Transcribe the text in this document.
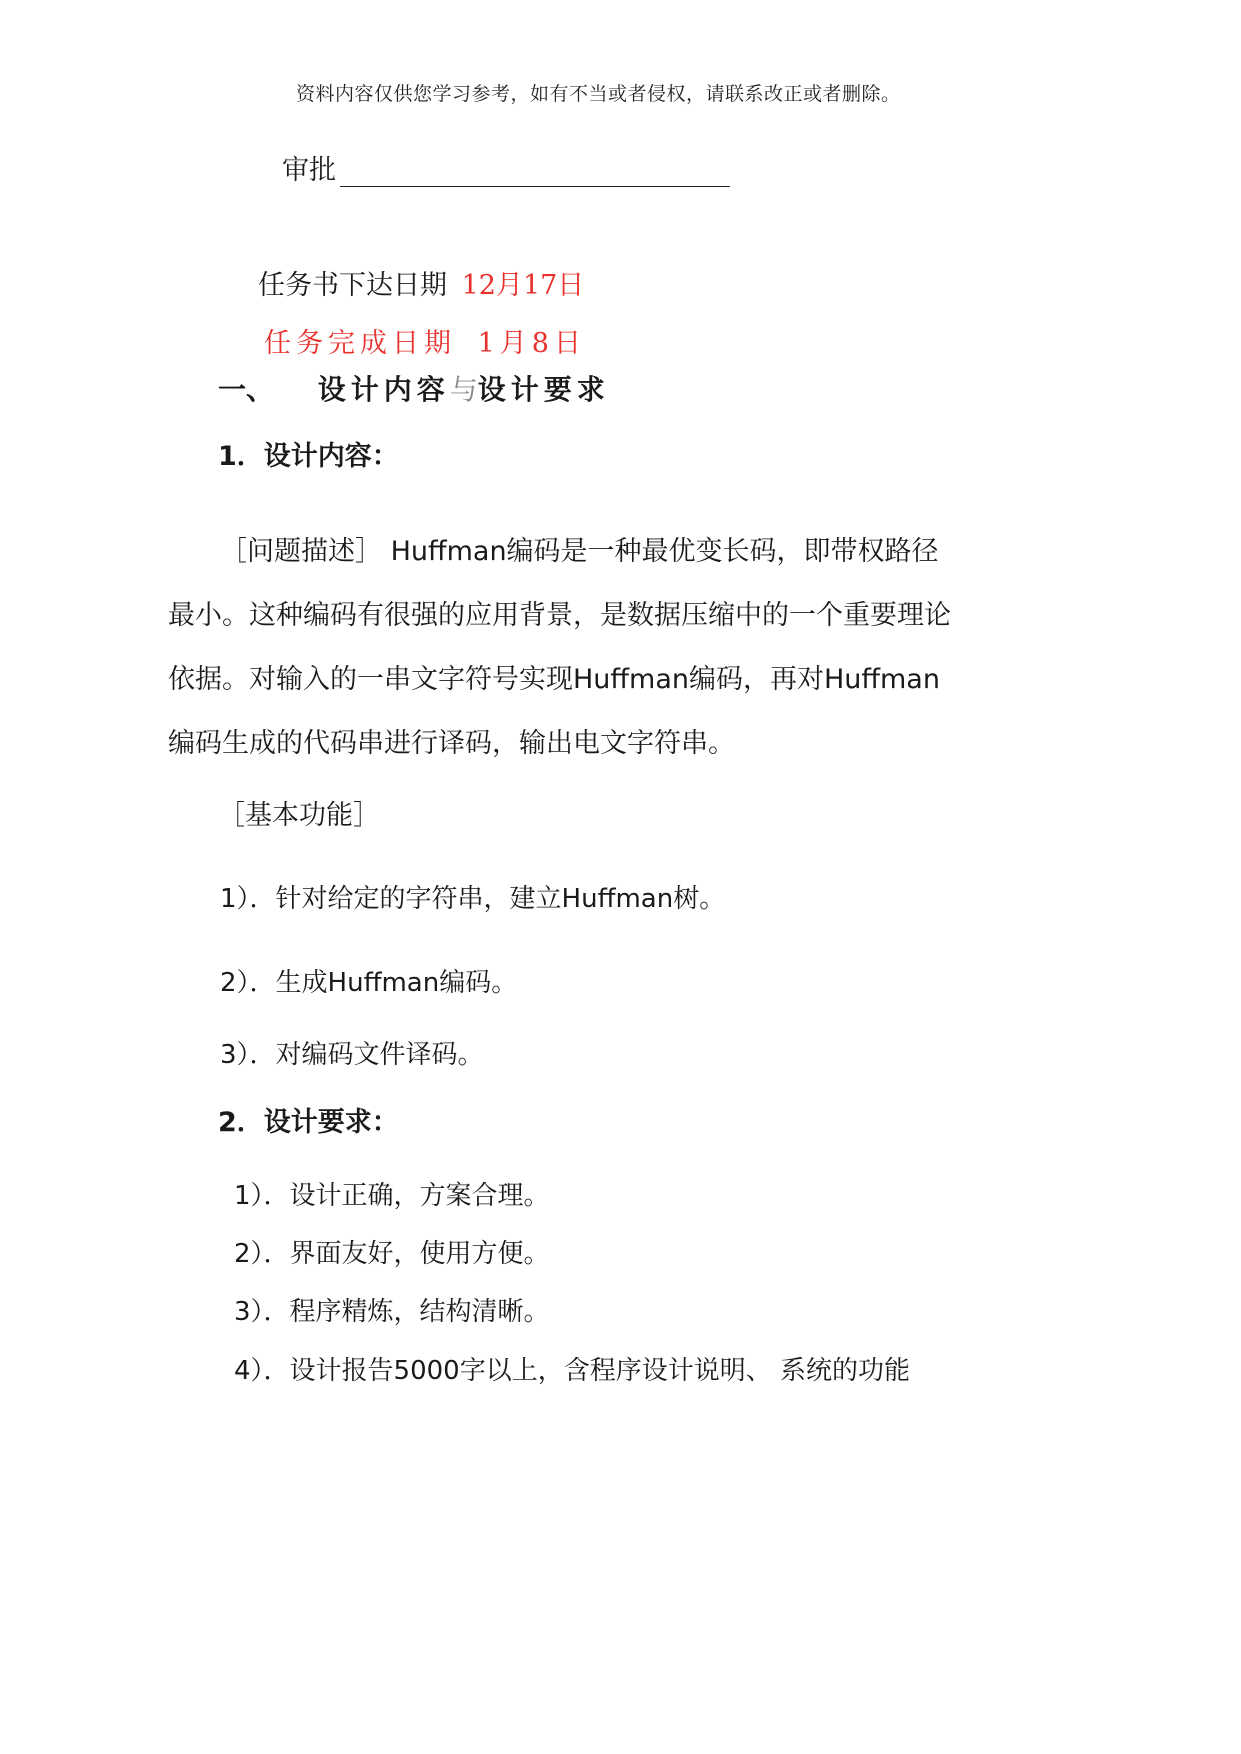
资料内容仅供您学习参考，如有不当或者侵权，请联系改正或者删除。
审批
任务书下达日期 12月17日
任务完成日期 1月8日
一、 设计内容与设计要求
1．设计内容：
［问题描述］ Huffman编码是一种最优变长码，即带权路径最小。这种编码有很强的应用背景，是数据压缩中的一个重要理论依据。对输入的一串文字符号实现Huffman编码，再对Huffman编码生成的代码串进行译码，输出电文字符串。
［基本功能］
1）．针对给定的字符串，建立Huffman树。
2）．生成Huffman编码。
3）．对编码文件译码。
2．设计要求：
1）．设计正确，方案合理。
2）．界面友好，使用方便。
3）．程序精炼，结构清晰。
4）．设计报告5000字以上，含程序设计说明、 系统的功能
